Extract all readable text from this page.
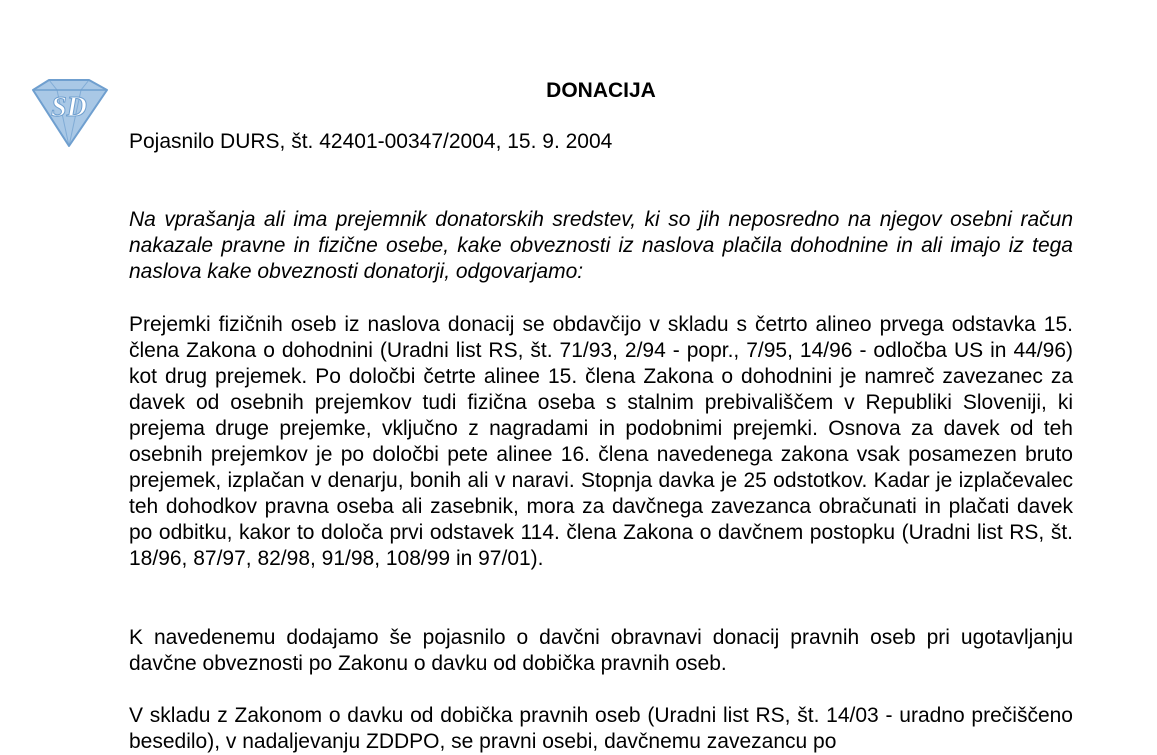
SD
DONACIJA
Pojasnilo DURS, št. 42401-00347/2004, 15. 9. 2004

Na vprašanja ali ima prejemnik donatorskih sredstev, ki so jih neposredno na njegov osebni račun nakazale pravne in fizične osebe, kake obveznosti iz naslova plačila dohodnine in ali imajo iz tega naslova kake obveznosti donatorji, odgovarjamo:

Prejemki fizičnih oseb iz naslova donacij se obdavčijo v skladu s četrto alineo prvega odstavka 15. člena Zakona o dohodnini (Uradni list RS, št. 71/93, 2/94 - popr., 7/95, 14/96 - odločba US in 44/96) kot drug prejemek. Po določbi četrte alinee 15. člena Zakona o dohodnini je namreč zavezanec za davek od osebnih prejemkov tudi fizična oseba s stalnim prebivališčem v Republiki Sloveniji, ki prejema druge prejemke, vključno z nagradami in podobnimi prejemki. Osnova za davek od teh osebnih prejemkov je po določbi pete alinee 16. člena navedenega zakona vsak posamezen bruto prejemek, izplačan v denarju, bonih ali v naravi. Stopnja davka je 25 odstotkov. Kadar je izplačevalec teh dohodkov pravna oseba ali zasebnik, mora za davčnega zavezanca obračunati in plačati davek po odbitku, kakor to določa prvi odstavek 114. člena Zakona o davčnem postopku (Uradni list RS, št. 18/96, 87/97, 82/98, 91/98, 108/99 in 97/01).

K navedenemu dodajamo še pojasnilo o davčni obravnavi donacij pravnih oseb pri ugotavljanju davčne obveznosti po Zakonu o davku od dobička pravnih oseb.

V skladu z Zakonom o davku od dobička pravnih oseb (Uradni list RS, št. 14/03 - uradno prečiščeno besedilo), v nadaljevanju ZDDPO, se pravni osebi, davčnemu zavezancu po
